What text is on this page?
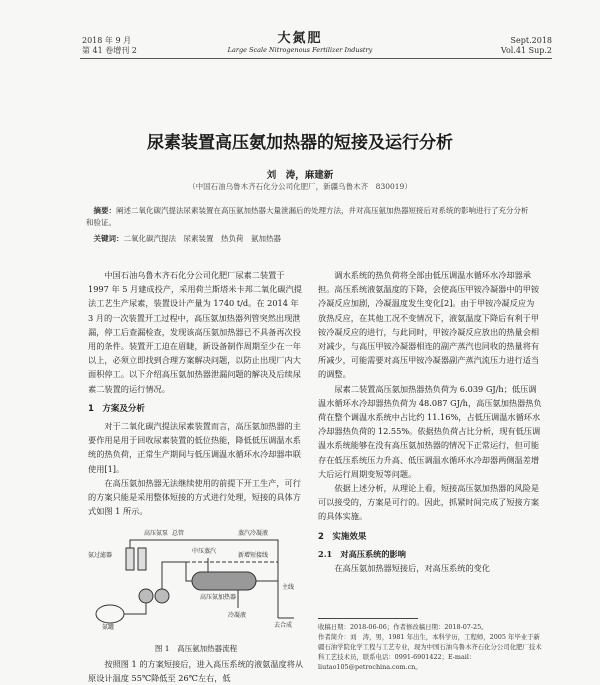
2018 年 9 月
第 41 卷增刊 2
大氮肥
Large Scale Nitrogenous Fertilizer Industry
Sept.2018
Vol.41 Sup.2
尿素装置高压氨加热器的短接及运行分析
刘　涛，麻建新
（中国石油乌鲁木齐石化分公司化肥厂，新疆乌鲁木齐　830019）
摘要：阐述二氧化碳汽提法尿素装置在高压氨加热器大量泄漏后的处理方法，并对高压氨加热器短接后对系统的影响进行了充分分析和验证。
关键词：二氧化碳汽提法　尿素装置　热负荷　氨加热器

中国石油乌鲁木齐石化分公司化肥厂尿素二装置于 1997 年 5 月建成投产，采用荷兰斯塔米卡邦二氧化碳汽提法工艺生产尿素，装置设计产量为 1740 t/d。在 2014 年 3 月的一次装置开工过程中，高压氨加热器列管突然出现泄漏，停工后查漏检查，发现该高压氨加热器已不具备再次投用的条件。装置开工迫在眉睫，新设备制作周期至少在一年以上，必须立即找到合理方案解决问题，以防止出现厂内大面积停工。以下介绍高压氨加热器泄漏问题的解决及后续尿素二装置的运行情况。

1　方案及分析

对于二氧化碳汽提法尿素装置而言，高压氨加热器的主要作用是用于回收尿素装置的低位热能，降低低压调温水系统的热负荷，正常生产期间与低压调温水循环水冷却器串联使用[1]。

在高压氨加热器无法继续使用的前提下开工生产，可行的方案只能是采用整体短接的方式进行处理，短接的具体方式如图 1 所示。

高压氨泵
氨过滤器
总管
氨罐
中压蒸汽
高压氨加热器
蒸汽冷凝液
新增短接线
冷凝液
去合成
主线
图 1　高压氨加热器流程

按照图 1 的方案短接后，进入高压系统的液氨温度将从原设计温度 55℃降低至 26℃左右，低

调水系统的热负荷将全部由低压调温水循环水冷却器承担。高压系统液氨温度的下降，会使高压甲铵冷凝器中的甲铵冷凝反应加剧，冷凝温度发生变化[2]。由于甲铵冷凝反应为放热反应，在其他工况不变情况下，液氨温度下降后有利于甲铵冷凝反应的进行，与此同时，甲铵冷凝反应放出的热量会相对减少，与高压甲铵冷凝器相连的副产蒸汽也同收的热量将有所减少，可能需要对高压甲铵冷凝器副产蒸汽流压力进行适当的调整。

尿素二装置高压氨加热器热负荷为 6.039 GJ/h；低压调温水循环水冷却器热负荷为 48.087 GJ/h，高压氨加热器热负荷在整个调温水系统中占比约 11.16%，占低压调温水循环水冷却器热负荷的 12.55%。依据热负荷占比分析，现有低压调温水系统能够在没有高压氨加热器的情况下正常运行，但可能存在低压系统压力升高、低压调温水循环水冷却器两侧温差增大后运行周期变短等问题。

依据上述分析，从理论上看，短接高压氨加热器的风险是可以接受的，方案是可行的。因此，抓紧时间完成了短接方案的具体实施。

2　实施效果
2.1　对高压系统的影响

在高压氨加热器短接后，对高压系统的变化

收稿日期：2018-06-06；作者修改稿日期：2018-07-25。
作者简介：刘　涛，男，1981 年出生，本科学历，工程师，2005 年毕业于新疆石油学院化学工程与工艺专业，现为中国石油乌鲁木齐石化分公司化肥厂技术科工艺技术员，联系电话：0991-6901422；E-mail：liutao105@petrochina.com.cn。
